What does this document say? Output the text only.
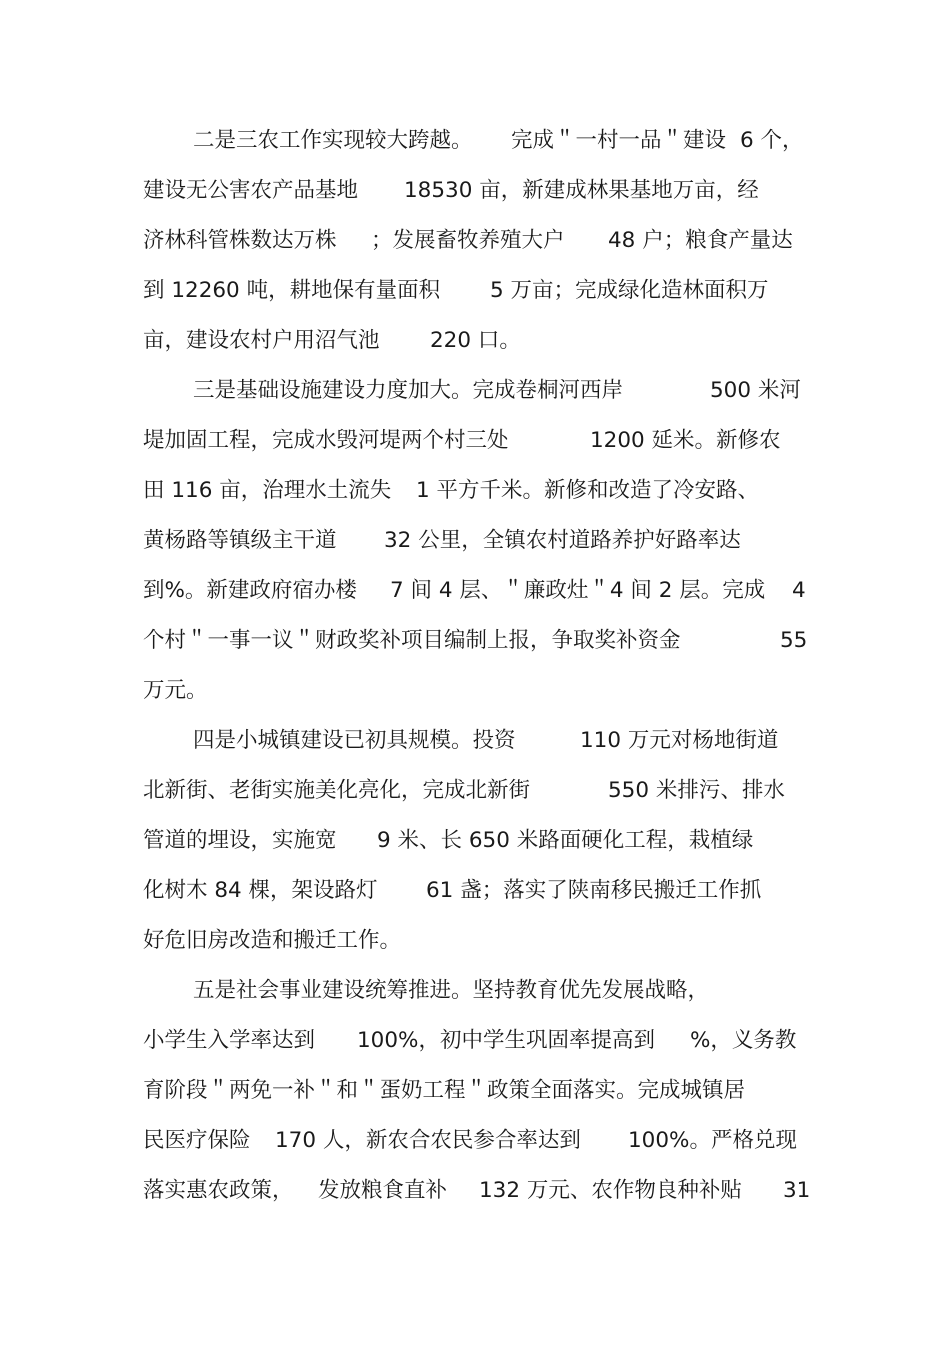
二是三农工作实现较大跨越。

完成＂一村一品＂建设

6 个，

建设无公害农产品基地

18530 亩，新建成林果基地万亩，经

济林科管株数达万株

；发展畜牧养殖大户

48 户；粮食产量达

到 12260 吨，耕地保有量面积

5 万亩；完成绿化造林面积万

亩，建设农村户用沼气池

220 口。

三是基础设施建设力度加大。完成卷桐河西岸

	500 米河

堤加固工程，完成水毁河堤两个村三处

	1200 延米。新修农

田 116 亩，治理水土流失

1 平方千米。新修和改造了冷安路、

黄杨路等镇级主干道

32 公里，全镇农村道路养护好路率达

到%。新建政府宿办楼

7 间 4 层、＂廉政灶＂4 间 2 层。完成

4

个村＂一事一议＂财政奖补项目编制上报，争取奖补资金

	55

万元。

四是小城镇建设已初具规模。投资

	110 万元对杨地街道

北新街、老街实施美化亮化，完成北新街

	550 米排污、排水

管道的埋设，实施宽

9 米、长 650 米路面硬化工程，栽植绿

化树木 84 棵，架设路灯

61 盏；落实了陕南移民搬迁工作抓

好危旧房改造和搬迁工作。

五是社会事业建设统筹推进。坚持教育优先发展战略，

小学生入学率达到

100%，初中学生巩固率提高到

%，义务教

育阶段＂两免一补＂和＂蛋奶工程＂政策全面落实。完成城镇居

民医疗保险

170 人，新农合农民参合率达到

100%。严格兑现

落实惠农政策，

发放粮食直补

132 万元、农作物良种补贴

31
